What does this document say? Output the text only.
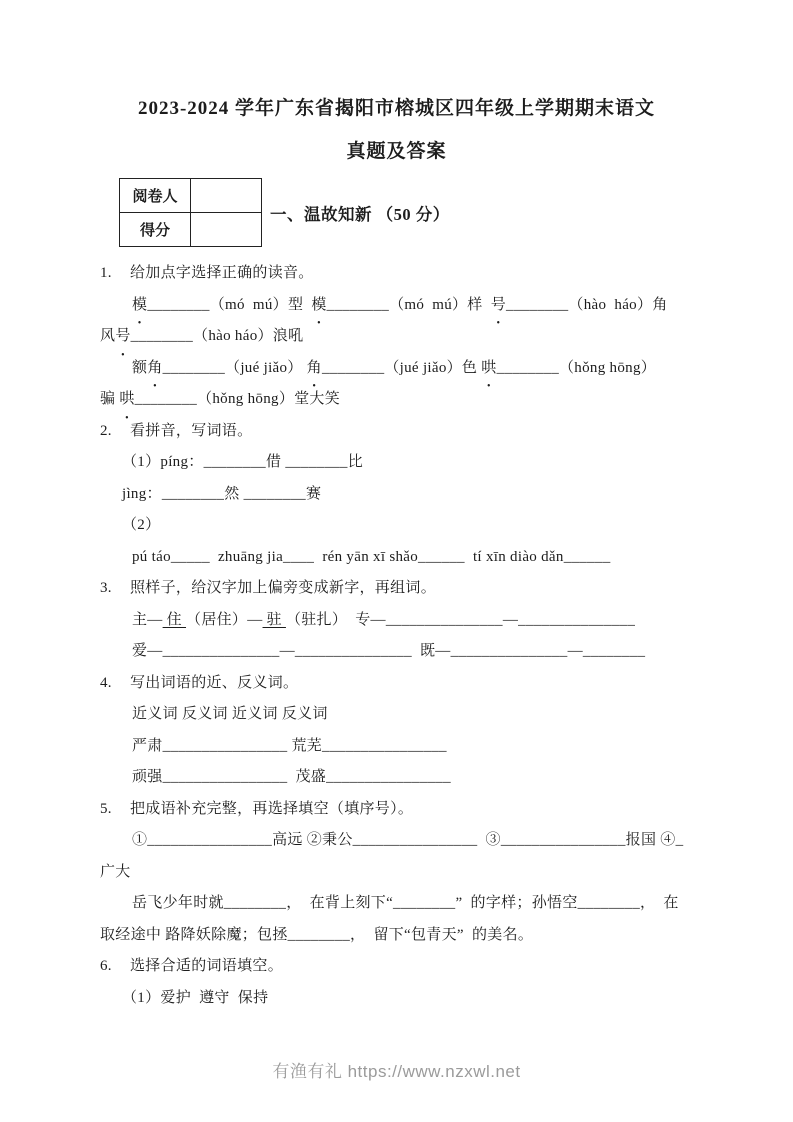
2023-2024 学年广东省揭阳市榕城区四年级上学期期末语文
真题及答案
阅卷人	
得分	
一、温故知新 （50 分）
1. 给加点字选择正确的读音。
模________（mó  mú）型  模________（mó  mú）样  号________（hào  háo）角
风号________（hào háo）浪吼
额角________（jué jiǎo） 角________（jué jiǎo）色 哄________（hǒng hōng）
骗 哄________（hǒng hōng）堂大笑
2. 看拼音，写词语。
（1）píng：________借 ________比
jìng：________然 ________赛
（2）
pú táo_____  zhuāng jia____  rén yān xī shǎo______  tí xīn diào dǎn______
3. 照样子，给汉字加上偏旁变成新字，再组词。
主— 住 （居住）— 驻 （驻扎）  专—_______________—_______________
爱—_______________—_______________  既—_______________—________
4. 写出词语的近、反义词。
近义词 反义词 近义词 反义词
严肃________________ 荒芜________________
顽强________________  茂盛________________
5. 把成语补充完整，再选择填空（填序号）。
①________________高远 ②秉公________________  ③________________报国 ④_
广大
岳飞少年时就________，  在背上刻下“________”  的字样；孙悟空________，  在
取经途中 路降妖除魔；包拯________，  留下“包青天”  的美名。
6. 选择合适的词语填空。
（1）爱护  遵守  保持
有渔有礼 https://www.nzxwl.net
